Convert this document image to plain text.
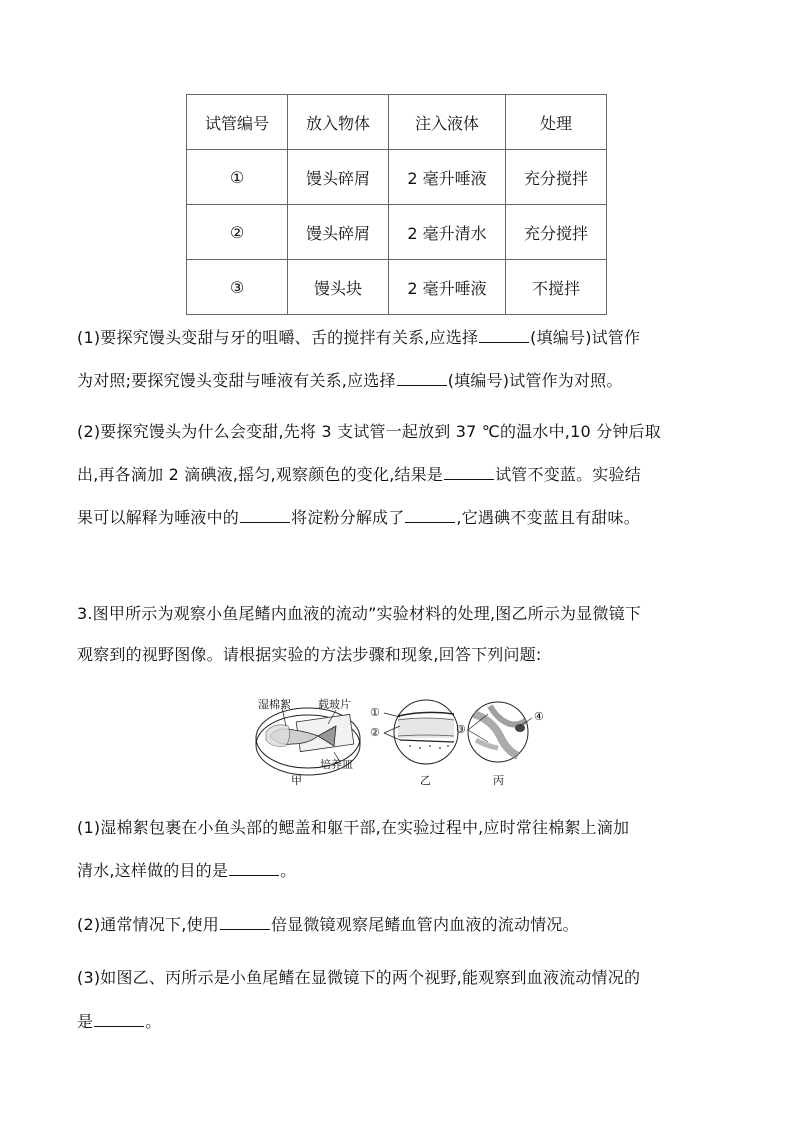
试管编号	放入物体	注入液体	处理
①	馒头碎屑	2 毫升唾液	充分搅拌
②	馒头碎屑	2 毫升清水	充分搅拌
③	馒头块	2 毫升唾液	不搅拌
(1)要探究馒头变甜与牙的咀嚼、舌的搅拌有关系,应选择	(填编号)试管作
为对照;要探究馒头变甜与唾液有关系,应选择	(填编号)试管作为对照。
(2)要探究馒头为什么会变甜,先将 3 支试管一起放到 37 ℃的温水中,10 分钟后取
出,再各滴加 2 滴碘液,摇匀,观察颜色的变化,结果是	试管不变蓝。实验结
果可以解释为唾液中的	将淀粉分解成了	,它遇碘不变蓝且有甜味。
3.图甲所示为观察小鱼尾鳍内血液的流动”实验材料的处理,图乙所示为显微镜下
观察到的视野图像。请根据实验的方法步骤和现象,回答下列问题:
湿棉絮 载玻片
培养皿
甲	乙	丙
①
②	③
④
(1)湿棉絮包裹在小鱼头部的鳃盖和躯干部,在实验过程中,应时常往棉絮上滴加
清水,这样做的目的是	。
(2)通常情况下,使用	倍显微镜观察尾鳍血管内血液的流动情况。
(3)如图乙、丙所示是小鱼尾鳍在显微镜下的两个视野,能观察到血液流动情况的
是	。
